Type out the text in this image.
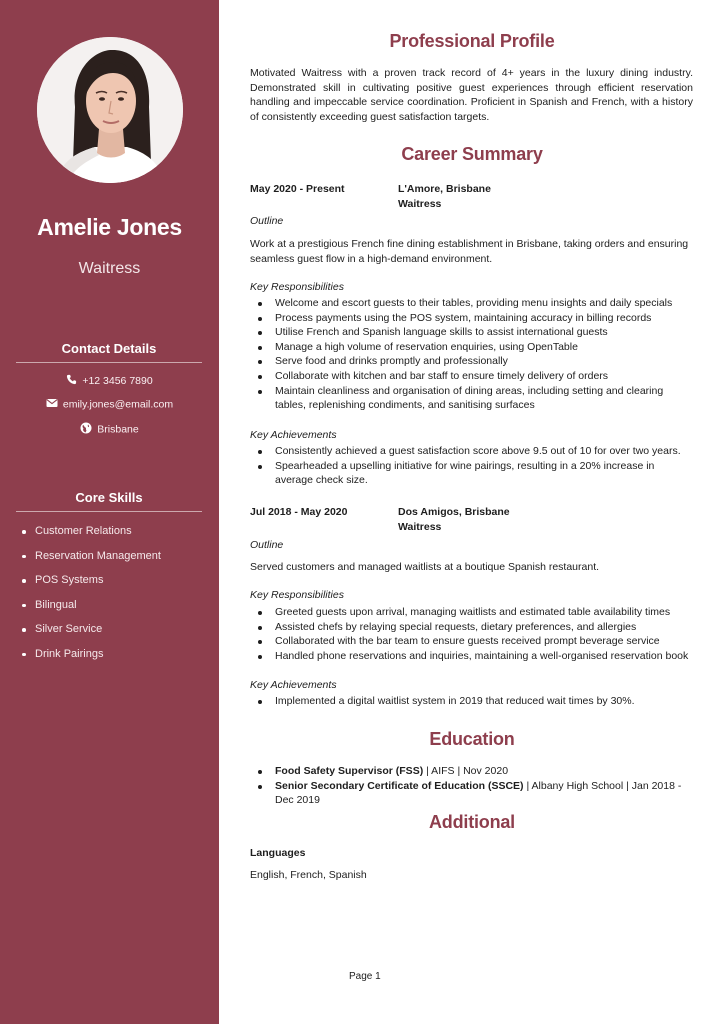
Amelie Jones
Waitress
Contact Details
+12 3456 7890
emily.jones@email.com
Brisbane
Core Skills
Customer Relations
Reservation Management
POS Systems
Bilingual
Silver Service
Drink Pairings
Professional Profile

Motivated Waitress with a proven track record of 4+ years in the luxury dining industry. Demonstrated skill in cultivating positive guest experiences through efficient reservation handling and impeccable service coordination. Proficient in Spanish and French, with a history of consistently exceeding guest satisfaction targets.

Career Summary
May 2020 - Present	L'Amore, Brisbane
Waitress
Outline

Work at a prestigious French fine dining establishment in Brisbane, taking orders and ensuring seamless guest flow in a high-demand environment.

Key Responsibilities
Welcome and escort guests to their tables, providing menu insights and daily specials
Process payments using the POS system, maintaining accuracy in billing records
Utilise French and Spanish language skills to assist international guests
Manage a high volume of reservation enquiries, using OpenTable
Serve food and drinks promptly and professionally
Collaborate with kitchen and bar staff to ensure timely delivery of orders
Maintain cleanliness and organisation of dining areas, including setting and clearing tables, replenishing condiments, and sanitising surfaces
Key Achievements
Consistently achieved a guest satisfaction score above 9.5 out of 10 for over two years.
Spearheaded a upselling initiative for wine pairings, resulting in a 20% increase in average check size.
Jul 2018 - May 2020	Dos Amigos, Brisbane
Waitress
Outline

Served customers and managed waitlists at a boutique Spanish restaurant.

Key Responsibilities
Greeted guests upon arrival, managing waitlists and estimated table availability times
Assisted chefs by relaying special requests, dietary preferences, and allergies
Collaborated with the bar team to ensure guests received prompt beverage service
Handled phone reservations and inquiries, maintaining a well-organised reservation book
Key Achievements
Implemented a digital waitlist system in 2019 that reduced wait times by 30%.
Education
Food Safety Supervisor (FSS) | AIFS | Nov 2020
Senior Secondary Certificate of Education (SSCE) | Albany High School | Jan 2018 - Dec 2019
Additional
Languages
English, French, Spanish
Page 1
